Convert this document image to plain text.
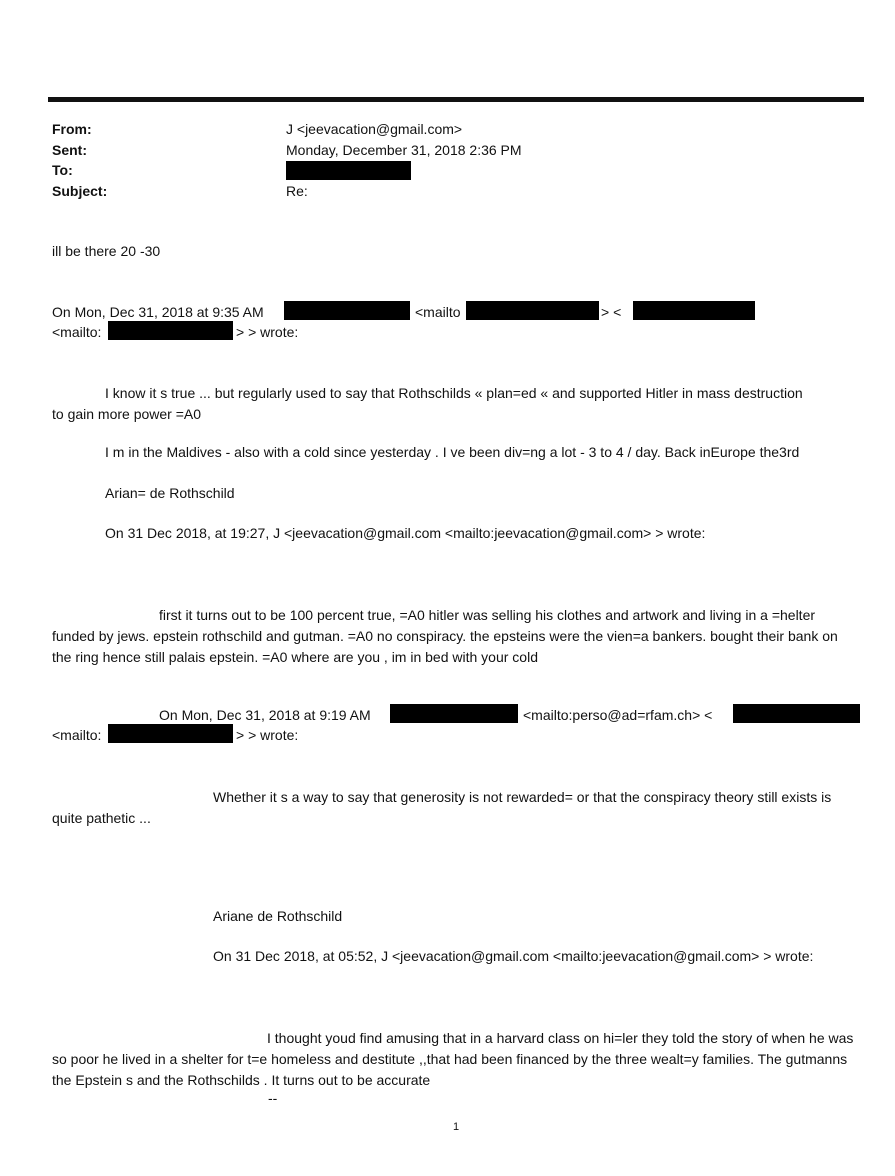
From:	J <jeevacation@gmail.com>
Sent:	Monday, December 31, 2018 2:36 PM
To:
Subject:	Re:
ill be there 20 -30
On Mon, Dec 31, 2018 at 9:35 AM	<mailto	> <
<mailto:	> > wrote:

I know it s true ... but regularly used to say that Rothschilds « plan=ed « and supported Hitler in mass destruction to gain more power =A0

I m in the Maldives - also with a cold since yesterday . I ve been div=ng a lot - 3 to 4 / day. Back inEurope the3rd
Arian= de Rothschild
On 31 Dec 2018, at 19:27, J <jeevacation@gmail.com <mailto:jeevacation@gmail.com> > wrote:

first it turns out to be 100 percent true, =A0 hitler was selling his clothes and artwork and living in a =helter funded by jews. epstein rothschild and gutman. =A0 no conspiracy. the epsteins were the vien=a bankers. bought their bank on the ring hence still palais epstein. =A0 where are you , im in bed with your cold

On Mon, Dec 31, 2018 at 9:19 AM	<mailto:perso@ad=rfam.ch> <
<mailto:	> > wrote:

Whether it s a way to say that generosity is not rewarded= or that the conspiracy theory still exists is quite pathetic ...

Ariane de Rothschild
On 31 Dec 2018, at 05:52, J <jeevacation@gmail.com <mailto:jeevacation@gmail.com> > wrote:

I thought youd find amusing that in a harvard class on hi=ler they told the story of when he was so poor he lived in a shelter for t=e homeless and destitute ,,that had been financed by the three wealt=y families. The gutmanns the Epstein s and the Rothschilds . It turns out to be accurate

--
1
